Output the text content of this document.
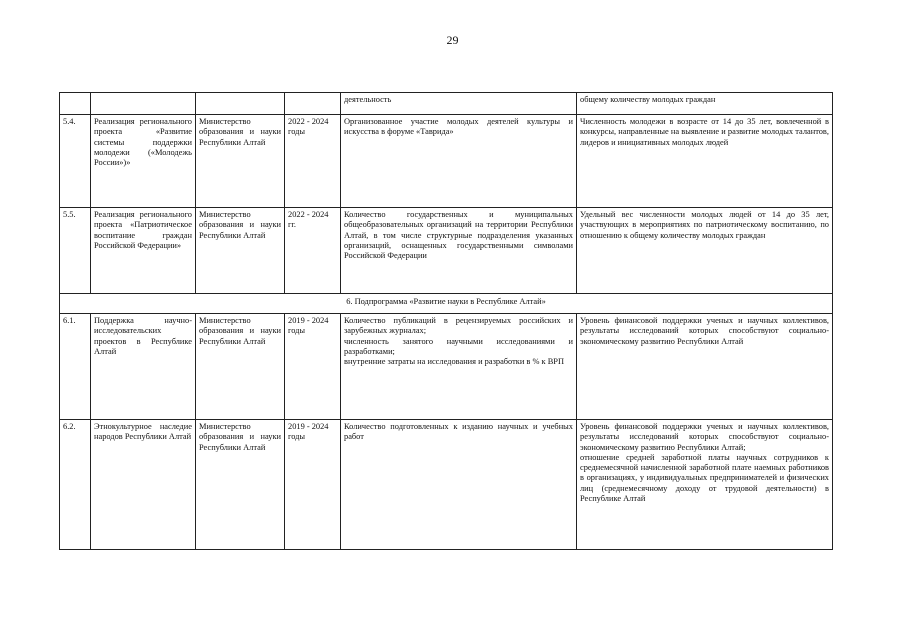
29
				деятельность	общему количеству молодых граждан
5.4.	Реализация регионального проекта «Развитие системы поддержки молодежи («Молодежь России»)»	Министерство образования и науки Республики Алтай	2022 - 2024 годы	Организованное участие молодых деятелей культуры и искусства в форуме «Таврида»	Численность молодежи в возрасте от 14 до 35 лет, вовлеченной в конкурсы, направленные на выявление и развитие молодых талантов, лидеров и инициативных молодых людей
5.5.	Реализация регионального проекта «Патриотическое воспитание граждан Российской Федерации»	Министерство образования и науки Республики Алтай	2022 - 2024 гг.	Количество государственных и муниципальных общеобразовательных организаций на территории Республики Алтай, в том числе структурные подразделения указанных организаций, оснащенных государственными символами Российской Федерации	Удельный вес численности молодых людей от 14 до 35 лет, участвующих в мероприятиях по патриотическому воспитанию, по отношению к общему количеству молодых граждан
6. Подпрограмма «Развитие науки в Республике Алтай»					
6.1.	Поддержка научно-исследовательских проектов в Республике Алтай	Министерство образования и науки Республики Алтай	2019 - 2024 годы	Количество публикаций в рецензируемых российских и зарубежных журналах;
численность занятого научными исследованиями и разработками;
внутренние затраты на исследования и разработки в % к ВРП	Уровень финансовой поддержки ученых и научных коллективов, результаты исследований которых способствуют социально-экономическому развитию Республики Алтай
6.2.	Этнокультурное наследие народов Республики Алтай	Министерство образования и науки Республики Алтай	2019 - 2024 годы	Количество подготовленных к изданию научных и учебных работ	Уровень финансовой поддержки ученых и научных коллективов, результаты исследований которых способствуют социально-экономическому развитию Республики Алтай;
отношение средней заработной платы научных сотрудников к среднемесячной начисленной заработной плате наемных работников в организациях, у индивидуальных предпринимателей и физических лиц (среднемесячному доходу от трудовой деятельности) в Республике Алтай
